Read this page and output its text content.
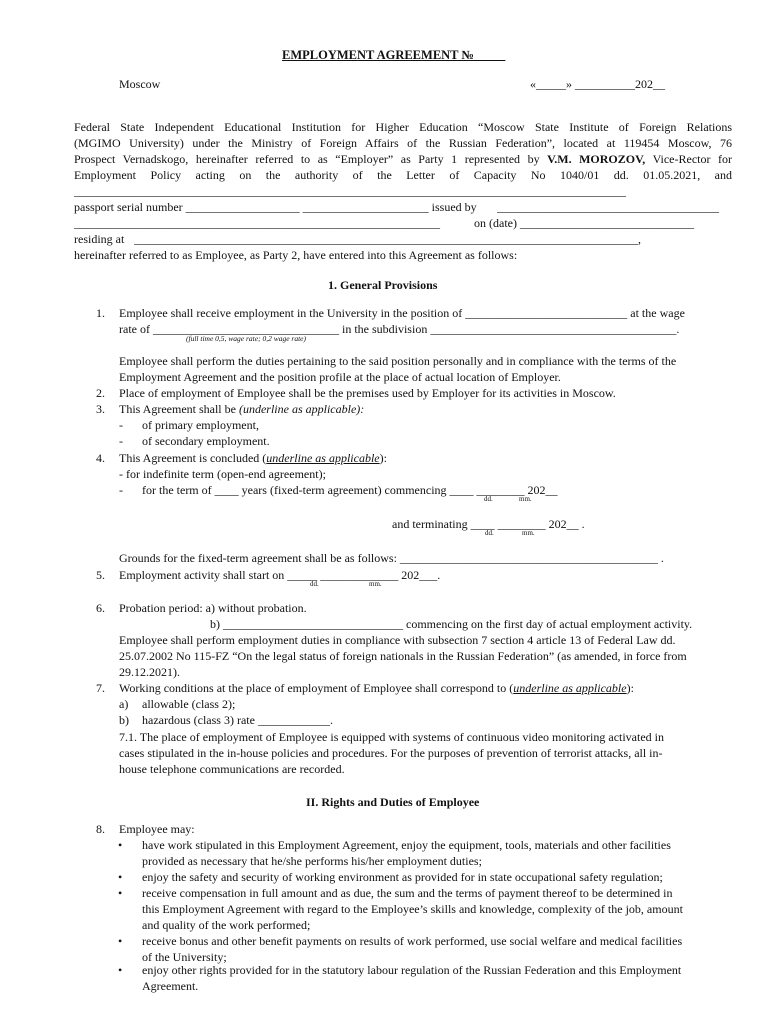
EMPLOYMENT AGREEMENT №_____
Moscow	«_____» __________202__
Federal State Independent Educational Institution for Higher Education “Moscow State Institute of Foreign Relations
(MGIMO University) under the Ministry of Foreign Affairs of the Russian Federation”, located at 119454 Moscow, 76
Prospect Vernadskogo, hereinafter referred to as “Employer” as Party 1 represented by V.M. MOROZOV, Vice-Rector for
Employment Policy acting on the authority of the Letter of Capacity No 1040/01 dd. 01.05.2021, and
____________________________________________________________________________________________
passport serial number ___________________ _____________________ issued by _____________________________________
_____________________________________________________________	on (date) _____________________________
residing at ____________________________________________________________________________________,
hereinafter referred to as Employee, as Party 2, have entered into this Agreement as follows:
1. General Provisions
1. Employee shall receive employment in the University in the position of ___________________________ at the wage
rate of _______________________________ in the subdivision _________________________________________.
(full time 0,5, wage rate; 0,2 wage rate)
Employee shall perform the duties pertaining to the said position personally and in compliance with the terms of the
Employment Agreement and the position profile at the place of actual location of Employer.
2. Place of employment of Employee shall be the premises used by Employer for its activities in Moscow.
3. This Agreement shall be (underline as applicable):
- of primary employment,
- of secondary employment.
4. This Agreement is concluded (underline as applicable):
- for indefinite term (open-end agreement);
- for the term of ____ years (fixed-term agreement) commencing ____ ________ 202__
dd.	mm.
and terminating ____ ________ 202__ .
dd.	mm.
Grounds for the fixed-term agreement shall be as follows: ___________________________________________ .
5. Employment activity shall start on _____ _____________ 202___.
dd.	mm.
6. Probation period: a) without probation.
b) ______________________________ commencing on the first day of actual employment activity.
Employee shall perform employment duties in compliance with subsection 7 section 4 article 13 of Federal Law dd.
25.07.2002 No 115-FZ “On the legal status of foreign nationals in the Russian Federation” (as amended, in force from
29.12.2021).
7. Working conditions at the place of employment of Employee shall correspond to (underline as applicable):
a) allowable (class 2);
b) hazardous (class 3) rate ____________.
7.1. The place of employment of Employee is equipped with systems of continuous video monitoring activated in
cases stipulated in the in-house policies and procedures. For the purposes of prevention of terrorist attacks, all in-
house telephone communications are recorded.
II. Rights and Duties of Employee
8. Employee may:
• have work stipulated in this Employment Agreement, enjoy the equipment, tools, materials and other facilities
provided as necessary that he/she performs his/her employment duties;
• enjoy the safety and security of working environment as provided for in state occupational safety regulation;
• receive compensation in full amount and as due, the sum and the terms of payment thereof to be determined in
this Employment Agreement with regard to the Employee’s skills and knowledge, complexity of the job, amount
and quality of the work performed;
• receive bonus and other benefit payments on results of work performed, use social welfare and medical facilities
of the University;
• enjoy other rights provided for in the statutory labour regulation of the Russian Federation and this Employment
Agreement.
